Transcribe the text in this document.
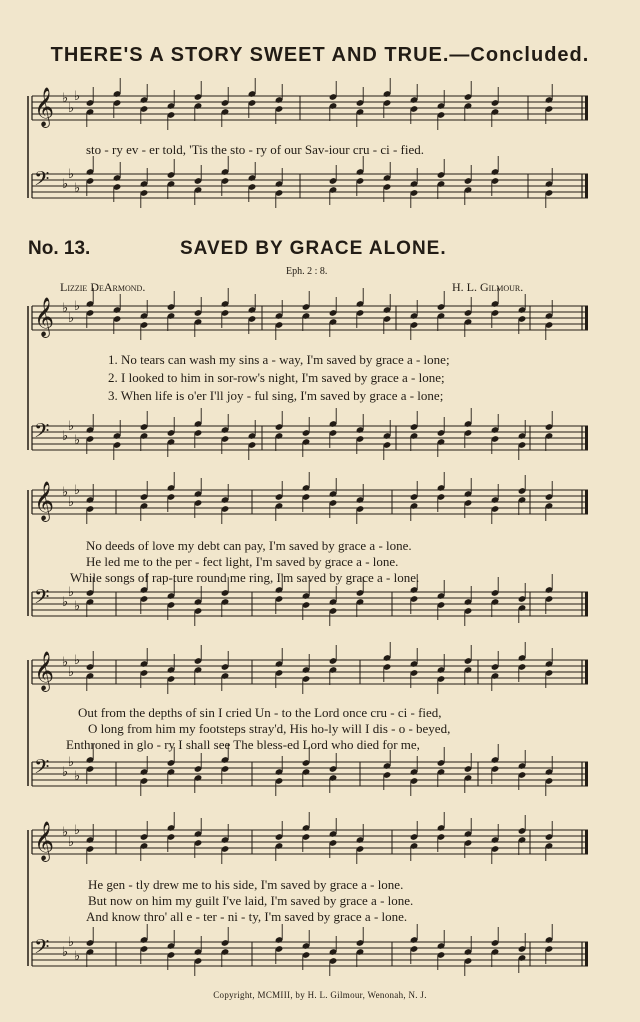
𝄞 ♭
♭
♭
𝄢 ♭
♭
♭
𝄞 ♭
♭
♭
𝄢 ♭
♭
♭
𝄞 ♭
♭
♭
𝄢 ♭
♭
♭
𝄞 ♭
♭
♭
𝄢 ♭
♭
♭
𝄞 ♭
♭
♭
𝄢 ♭
♭
♭
THERE'S A STORY SWEET AND TRUE.—Concluded.
sto - ry ev - er told, 'Tis the sto - ry of our Sav-iour cru - ci - fied.
No. 13.	SAVED BY GRACE ALONE.
Eph. 2 : 8.
Lizzie DeArmond.	H. L. Gilmour.
1. No tears can wash my sins a - way, I'm saved by grace a - lone;
2. I looked to him in sor-row's night, I'm saved by grace a - lone;
3. When life is o'er I'll joy - ful sing, I'm saved by grace a - lone;
No deeds of love my debt can pay, I'm saved by grace a - lone.
He led me to the per - fect light, I'm saved by grace a - lone.
While songs of rap-ture round me ring, I'm saved by grace a - lone.
Out from the depths of sin I cried Un - to the Lord once cru - ci - fied,
O long from him my footsteps stray'd, His ho-ly will I dis - o - beyed,
Enthroned in glo - ry I shall see The bless-ed Lord who died for me,
He gen - tly drew me to his side, I'm saved by grace a - lone.
But now on him my guilt I've laid, I'm saved by grace a - lone.
And know thro' all e - ter - ni - ty, I'm saved by grace a - lone.
Copyright, MCMIII, by H. L. Gilmour, Wenonah, N. J.
